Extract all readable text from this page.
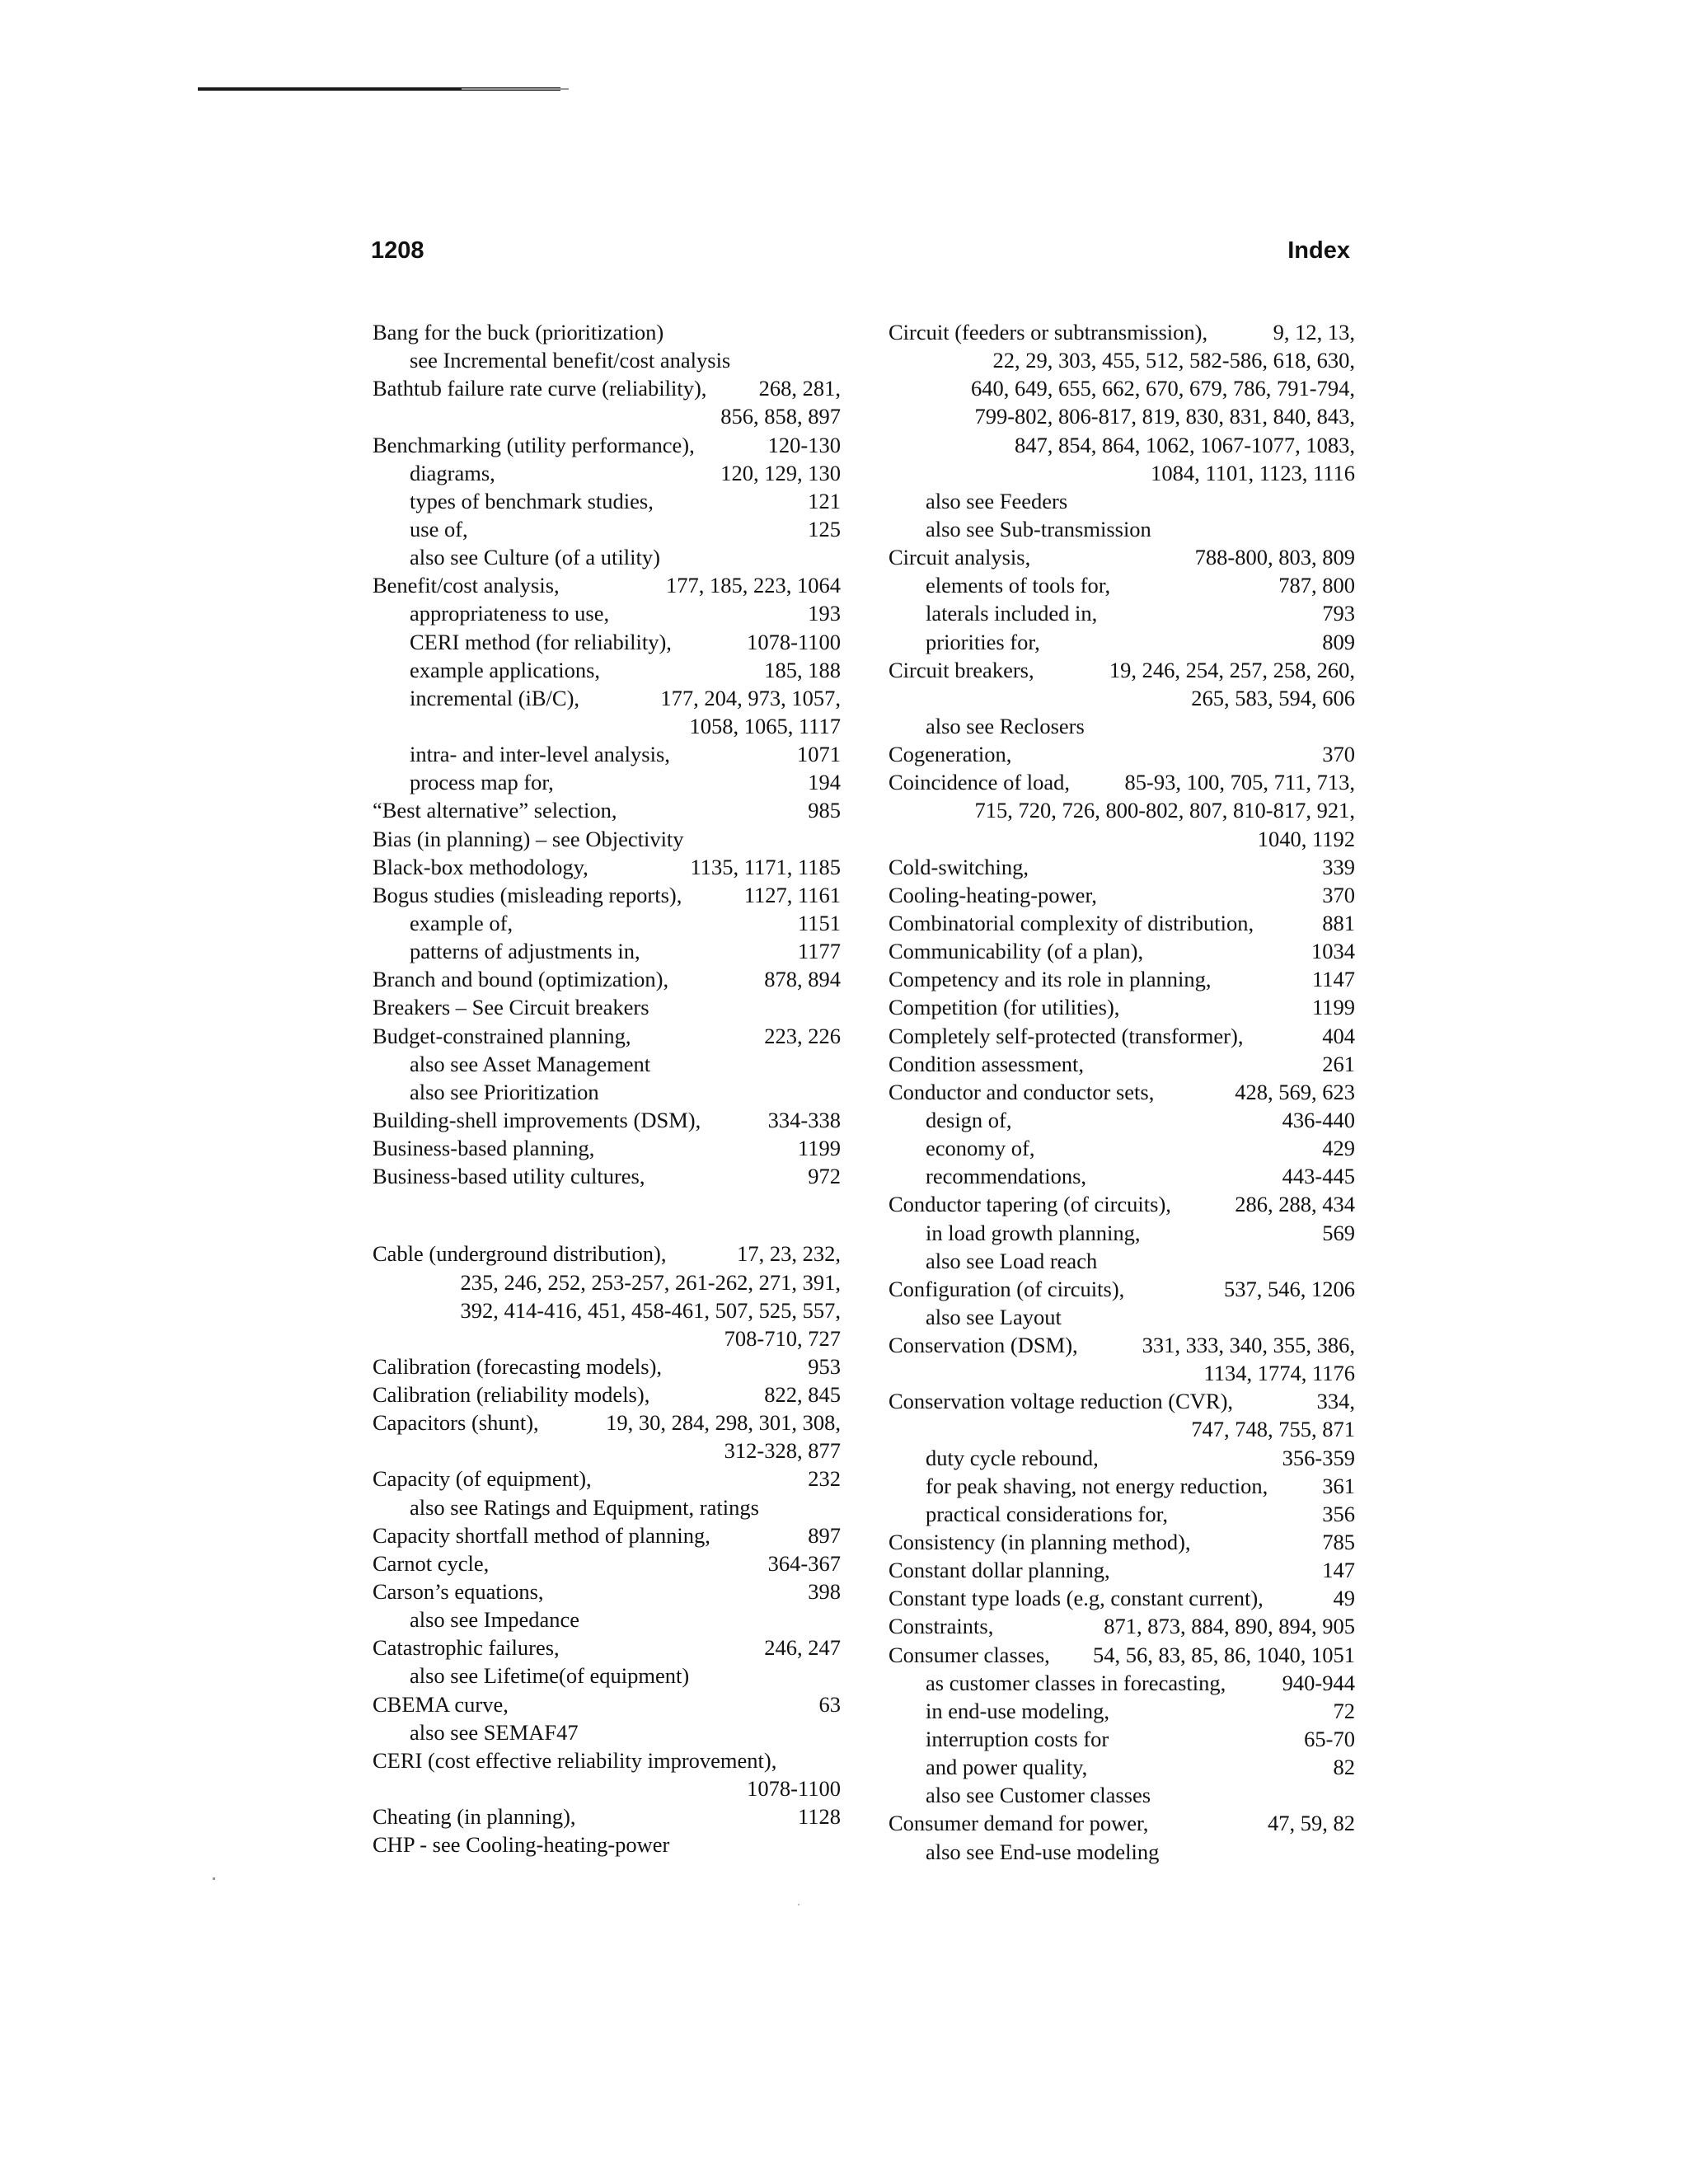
1208	Index
Bang for the buck (prioritization)
see Incremental benefit/cost analysis
Bathtub failure rate curve (reliability),	268, 281,
856, 858, 897
Benchmarking (utility performance),	120-130
diagrams,	120, 129, 130
types of benchmark studies,	121
use of,	125
also see Culture (of a utility)
Benefit/cost analysis,	177, 185, 223, 1064
appropriateness to use,	193
CERI method (for reliability),	1078-1100
example applications,	185, 188
incremental (iB/C),	177, 204, 973, 1057,
1058, 1065, 1117
intra- and inter-level analysis,	1071
process map for,	194
“Best alternative” selection,	985
Bias (in planning) – see Objectivity
Black-box methodology,	1135, 1171, 1185
Bogus studies (misleading reports),	1127, 1161
example of,	1151
patterns of adjustments in,	1177
Branch and bound (optimization),	878, 894
Breakers – See Circuit breakers
Budget-constrained planning,	223, 226
also see Asset Management
also see Prioritization
Building-shell improvements (DSM),	334-338
Business-based planning,	1199
Business-based utility cultures,	972
Cable (underground distribution),	17, 23, 232,
235, 246, 252, 253-257, 261-262, 271, 391,
392, 414-416, 451, 458-461, 507, 525, 557,
708-710, 727
Calibration (forecasting models),	953
Calibration (reliability models),	822, 845
Capacitors (shunt),	19, 30, 284, 298, 301, 308,
312-328, 877
Capacity (of equipment),	232
also see Ratings and Equipment, ratings
Capacity shortfall method of planning,	897
Carnot cycle,	364-367
Carson’s equations,	398
also see Impedance
Catastrophic failures,	246, 247
also see Lifetime(of equipment)
CBEMA curve,	63
also see SEMAF47
CERI (cost effective reliability improvement),
1078-1100
Cheating (in planning),	1128
CHP - see Cooling-heating-power
Circuit (feeders or subtransmission),	9, 12, 13,
22, 29, 303, 455, 512, 582-586, 618, 630,
640, 649, 655, 662, 670, 679, 786, 791-794,
799-802, 806-817, 819, 830, 831, 840, 843,
847, 854, 864, 1062, 1067-1077, 1083,
1084, 1101, 1123, 1116
also see Feeders
also see Sub-transmission
Circuit analysis,	788-800, 803, 809
elements of tools for,	787, 800
laterals included in,	793
priorities for,	809
Circuit breakers,	19, 246, 254, 257, 258, 260,
265, 583, 594, 606
also see Reclosers
Cogeneration,	370
Coincidence of load,	85-93, 100, 705, 711, 713,
715, 720, 726, 800-802, 807, 810-817, 921,
1040, 1192
Cold-switching,	339
Cooling-heating-power,	370
Combinatorial complexity of distribution,	881
Communicability (of a plan),	1034
Competency and its role in planning,	1147
Competition (for utilities),	1199
Completely self-protected (transformer),	404
Condition assessment,	261
Conductor and conductor sets,	428, 569, 623
design of,	436-440
economy of,	429
recommendations,	443-445
Conductor tapering (of circuits),	286, 288, 434
in load growth planning,	569
also see Load reach
Configuration (of circuits),	537, 546, 1206
also see Layout
Conservation (DSM),	331, 333, 340, 355, 386,
1134, 1774, 1176
Conservation voltage reduction (CVR),	334,
747, 748, 755, 871
duty cycle rebound,	356-359
for peak shaving, not energy reduction,	361
practical considerations for,	356
Consistency (in planning method),	785
Constant dollar planning,	147
Constant type loads (e.g, constant current),	49
Constraints,	871, 873, 884, 890, 894, 905
Consumer classes,	54, 56, 83, 85, 86, 1040, 1051
as customer classes in forecasting,	940-944
in end-use modeling,	72
interruption costs for	65-70
and power quality,	82
also see Customer classes
Consumer demand for power,	47, 59, 82
also see End-use modeling
